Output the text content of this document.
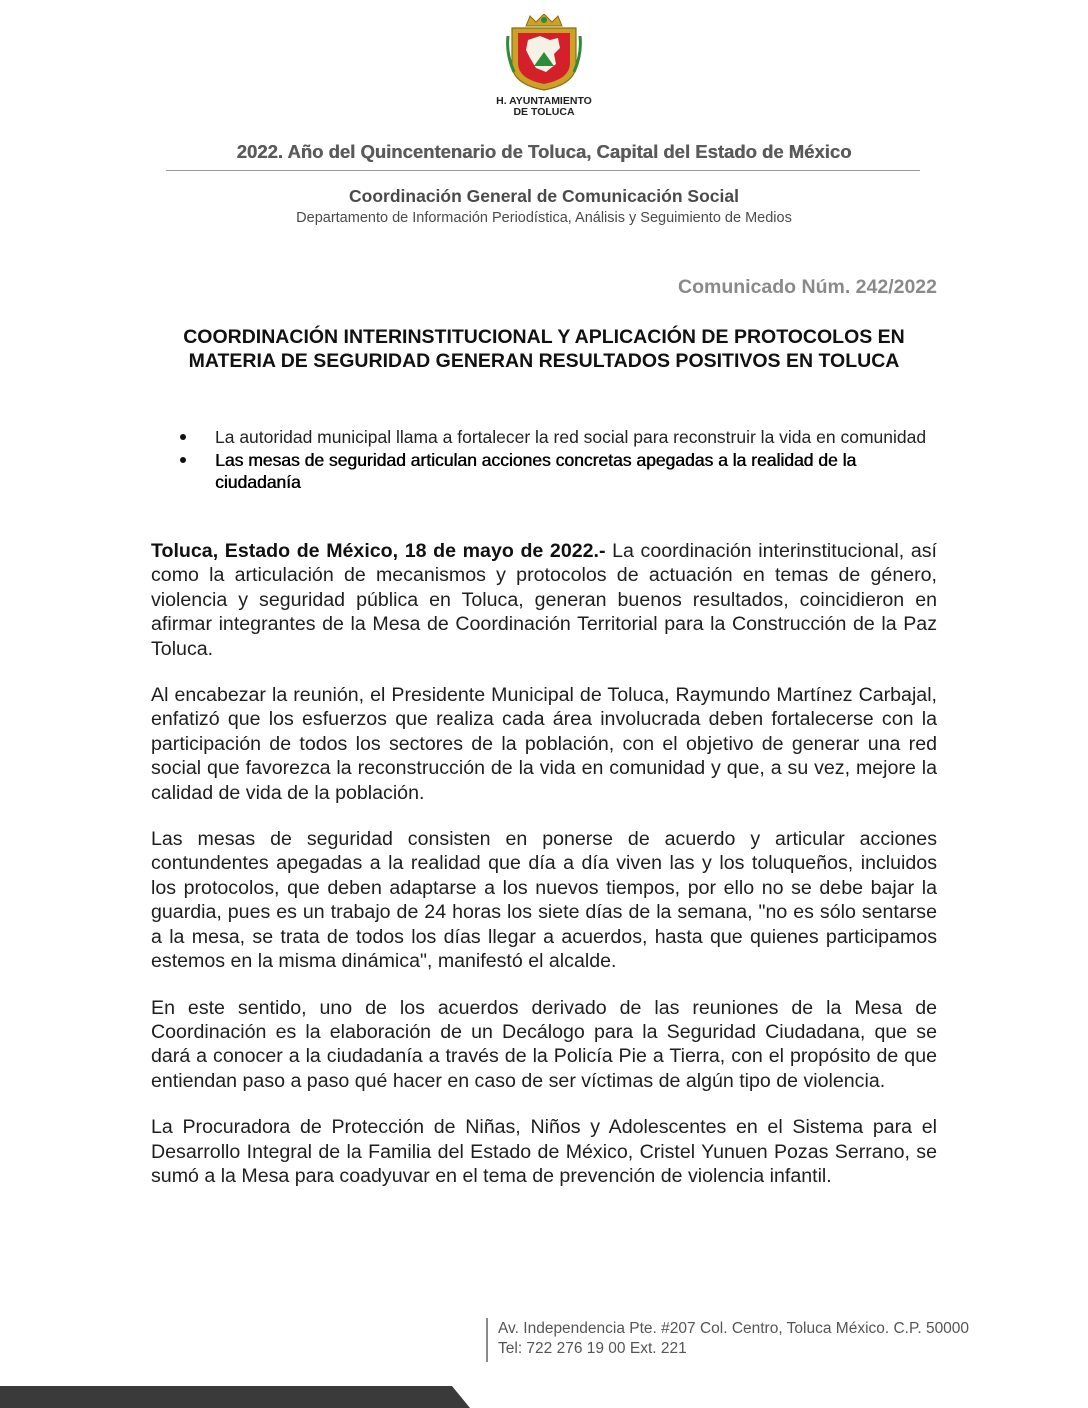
H. AYUNTAMIENTO
DE TOLUCA
2022. Año del Quincentenario de Toluca, Capital del Estado de México
Coordinación General de Comunicación Social
Departamento de Información Periodística, Análisis y Seguimiento de Medios
Comunicado Núm. 242/2022
COORDINACIÓN INTERINSTITUCIONAL Y APLICACIÓN DE PROTOCOLOS EN MATERIA DE SEGURIDAD GENERAN RESULTADOS POSITIVOS EN TOLUCA
La autoridad municipal llama a fortalecer la red social para reconstruir la vida en comunidad
Las mesas de seguridad articulan acciones concretas apegadas a la realidad de la ciudadanía

Toluca, Estado de México, 18 de mayo de 2022.- La coordinación interinstitucional, así como la articulación de mecanismos y protocolos de actuación en temas de género, violencia y seguridad pública en Toluca, generan buenos resultados, coincidieron en afirmar integrantes de la Mesa de Coordinación Territorial para la Construcción de la Paz Toluca.

Al encabezar la reunión, el Presidente Municipal de Toluca, Raymundo Martínez Carbajal, enfatizó que los esfuerzos que realiza cada área involucrada deben fortalecerse con la participación de todos los sectores de la población, con el objetivo de generar una red social que favorezca la reconstrucción de la vida en comunidad y que, a su vez, mejore la calidad de vida de la población.

Las mesas de seguridad consisten en ponerse de acuerdo y articular acciones contundentes apegadas a la realidad que día a día viven las y los toluqueños, incluidos los protocolos, que deben adaptarse a los nuevos tiempos, por ello no se debe bajar la guardia, pues es un trabajo de 24 horas los siete días de la semana, "no es sólo sentarse a la mesa, se trata de todos los días llegar a acuerdos, hasta que quienes participamos estemos en la misma dinámica", manifestó el alcalde.

En este sentido, uno de los acuerdos derivado de las reuniones de la Mesa de Coordinación es la elaboración de un Decálogo para la Seguridad Ciudadana, que se dará a conocer a la ciudadanía a través de la Policía Pie a Tierra, con el propósito de que entiendan paso a paso qué hacer en caso de ser víctimas de algún tipo de violencia.

La Procuradora de Protección de Niñas, Niños y Adolescentes en el Sistema para el Desarrollo Integral de la Familia del Estado de México, Cristel Yunuen Pozas Serrano, se sumó a la Mesa para coadyuvar en el tema de prevención de violencia infantil.

Av. Independencia Pte. #207 Col. Centro, Toluca México. C.P. 50000
Tel: 722 276 19 00 Ext. 221
